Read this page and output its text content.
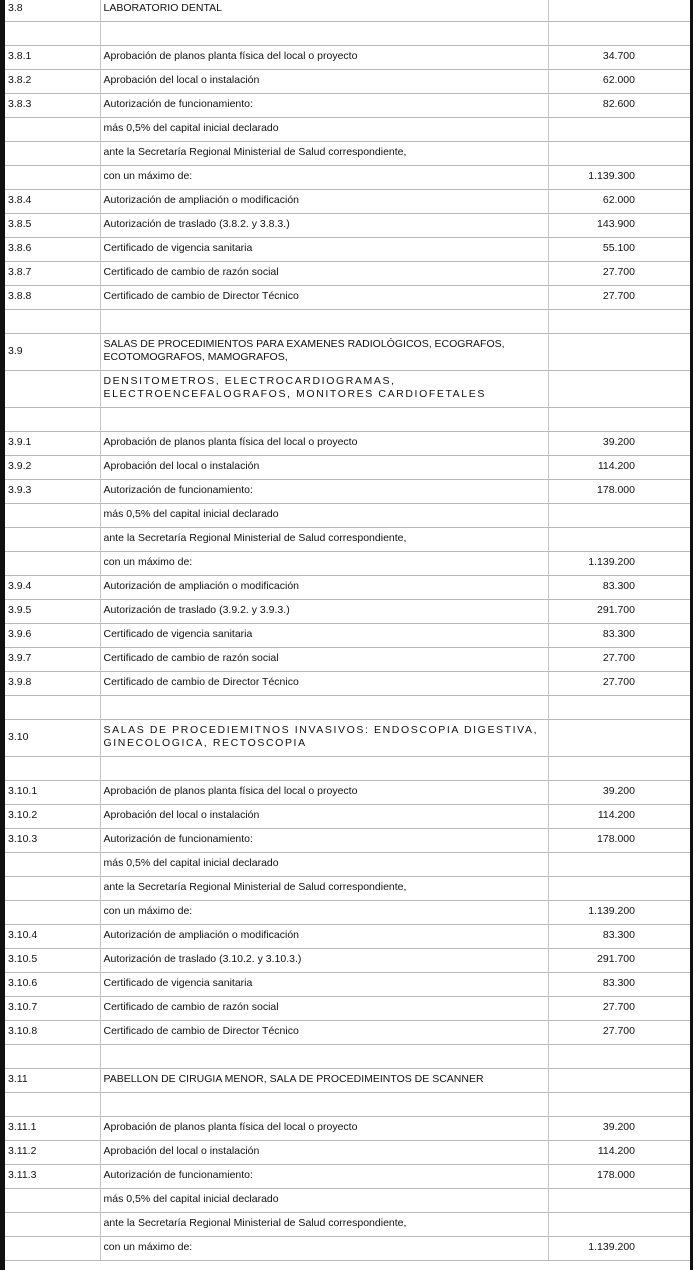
3.8	LABORATORIO DENTAL	

3.8.1	Aprobación de planos planta física del local o proyecto	34.700
3.8.2	Aprobación del local o instalación	62.000
3.8.3	Autorización de funcionamiento:	82.600
	más 0,5% del capital inicial declarado	
	ante la Secretaría Regional Ministerial de Salud correspondiente,	
	con un máximo de:	1.139.300
3.8.4	Autorización de ampliación o modificación	62.000
3.8.5	Autorización de traslado (3.8.2. y 3.8.3.)	143.900
3.8.6	Certificado de vigencia sanitaria	55.100
3.8.7	Certificado de cambio de razón social	27.700
3.8.8	Certificado de cambio de Director Técnico	27.700

3.9	SALAS DE PROCEDIMIENTOS PARA EXAMENES RADIOLÓGICOS, ECOGRAFOS, ECOTOMOGRAFOS, MAMOGRAFOS,	
	DENSITOMETROS, ELECTROCARDIOGRAMAS, ELECTROENCEFALOGRAFOS, MONITORES CARDIOFETALES	

3.9.1	Aprobación de planos planta física del local o proyecto	39.200
3.9.2	Aprobación del local o instalación	114.200
3.9.3	Autorización de funcionamiento:	178.000
	más 0,5% del capital inicial declarado	
	ante la Secretaría Regional Ministerial de Salud correspondiente,	
	con un máximo de:	1.139.200
3.9.4	Autorización de ampliación o modificación	83.300
3.9.5	Autorización de traslado (3.9.2. y 3.9.3.)	291.700
3.9.6	Certificado de vigencia sanitaria	83.300
3.9.7	Certificado de cambio de razón social	27.700
3.9.8	Certificado de cambio de Director Técnico	27.700

3.10	SALAS DE PROCEDIEMITNOS INVASIVOS: ENDOSCOPIA DIGESTIVA, GINECOLOGICA, RECTOSCOPIA	

3.10.1	Aprobación de planos planta física del local o proyecto	39.200
3.10.2	Aprobación del local o instalación	114.200
3.10.3	Autorización de funcionamiento:	178.000
	más 0,5% del capital inicial declarado	
	ante la Secretaría Regional Ministerial de Salud correspondiente,	
	con un máximo de:	1.139.200
3.10.4	Autorización de ampliación o modificación	83.300
3.10.5	Autorización de traslado (3.10.2. y 3.10.3.)	291.700
3.10.6	Certificado de vigencia sanitaria	83.300
3.10.7	Certificado de cambio de razón social	27.700
3.10.8	Certificado de cambio de Director Técnico	27.700

3.11	PABELLON DE CIRUGIA MENOR, SALA DE PROCEDIMEINTOS DE SCANNER	

3.11.1	Aprobación de planos planta física del local o proyecto	39.200
3.11.2	Aprobación del local o instalación	114.200
3.11.3	Autorización de funcionamiento:	178.000
	más 0,5% del capital inicial declarado	
	ante la Secretaría Regional Ministerial de Salud correspondiente,	
	con un máximo de:	1.139.200
